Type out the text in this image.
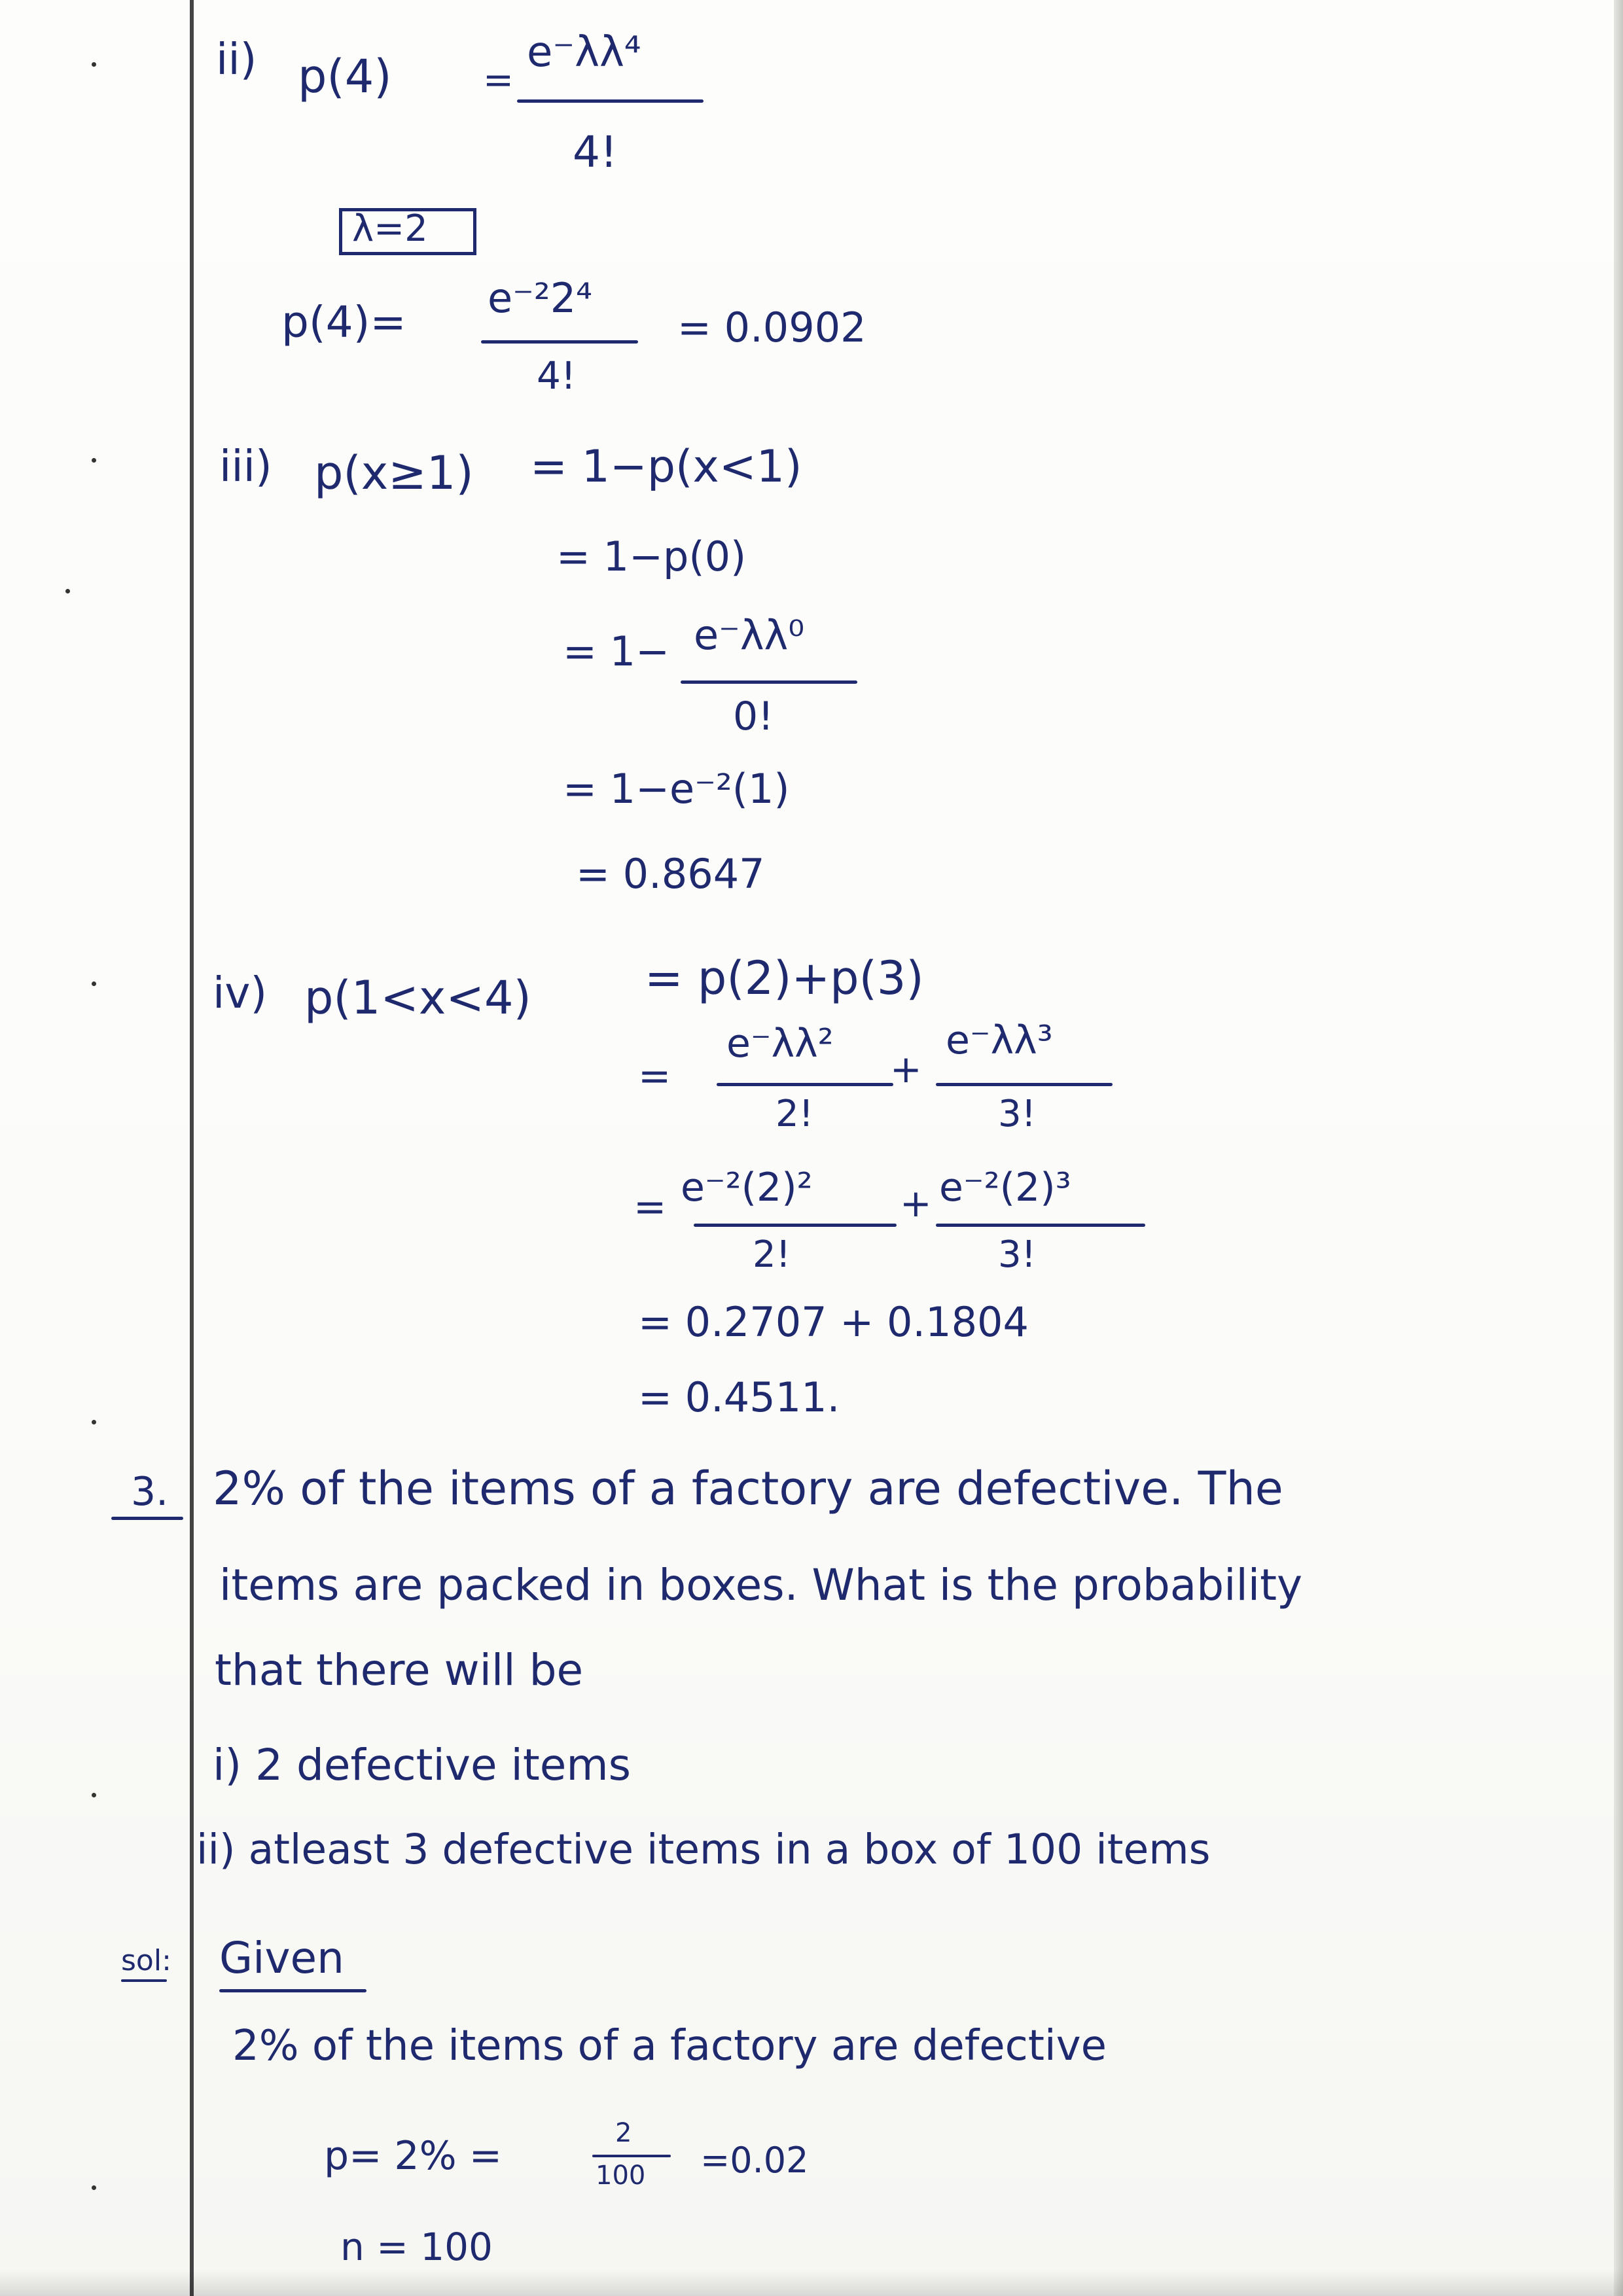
ii) p(4) =
e⁻λλ⁴
4!
λ=2
p(4)= e⁻²2⁴
4!
= 0.0902
iii) p(x≥1) = 1−p(x<1)
= 1−p(0)
= 1− e⁻λλ⁰
0!
= 1−e⁻²(1)
= 0.8647
iv) p(1<x<4) = p(2)+p(3)
=
e⁻λλ²
2!
+
e⁻λλ³
3!
= e⁻²(2)²
2!
+ e⁻²(2)³
3!
= 0.2707 + 0.1804
= 0.4511.
3. 2% of the items of a factory are defective. The
items are packed in boxes. What is the probability
that there will be
i) 2 defective items
ii) atleast 3 defective items in a box of 100 items
sol: Given
2% of the items of a factory are defective
p= 2% =	2
100 =0.02
n = 100
